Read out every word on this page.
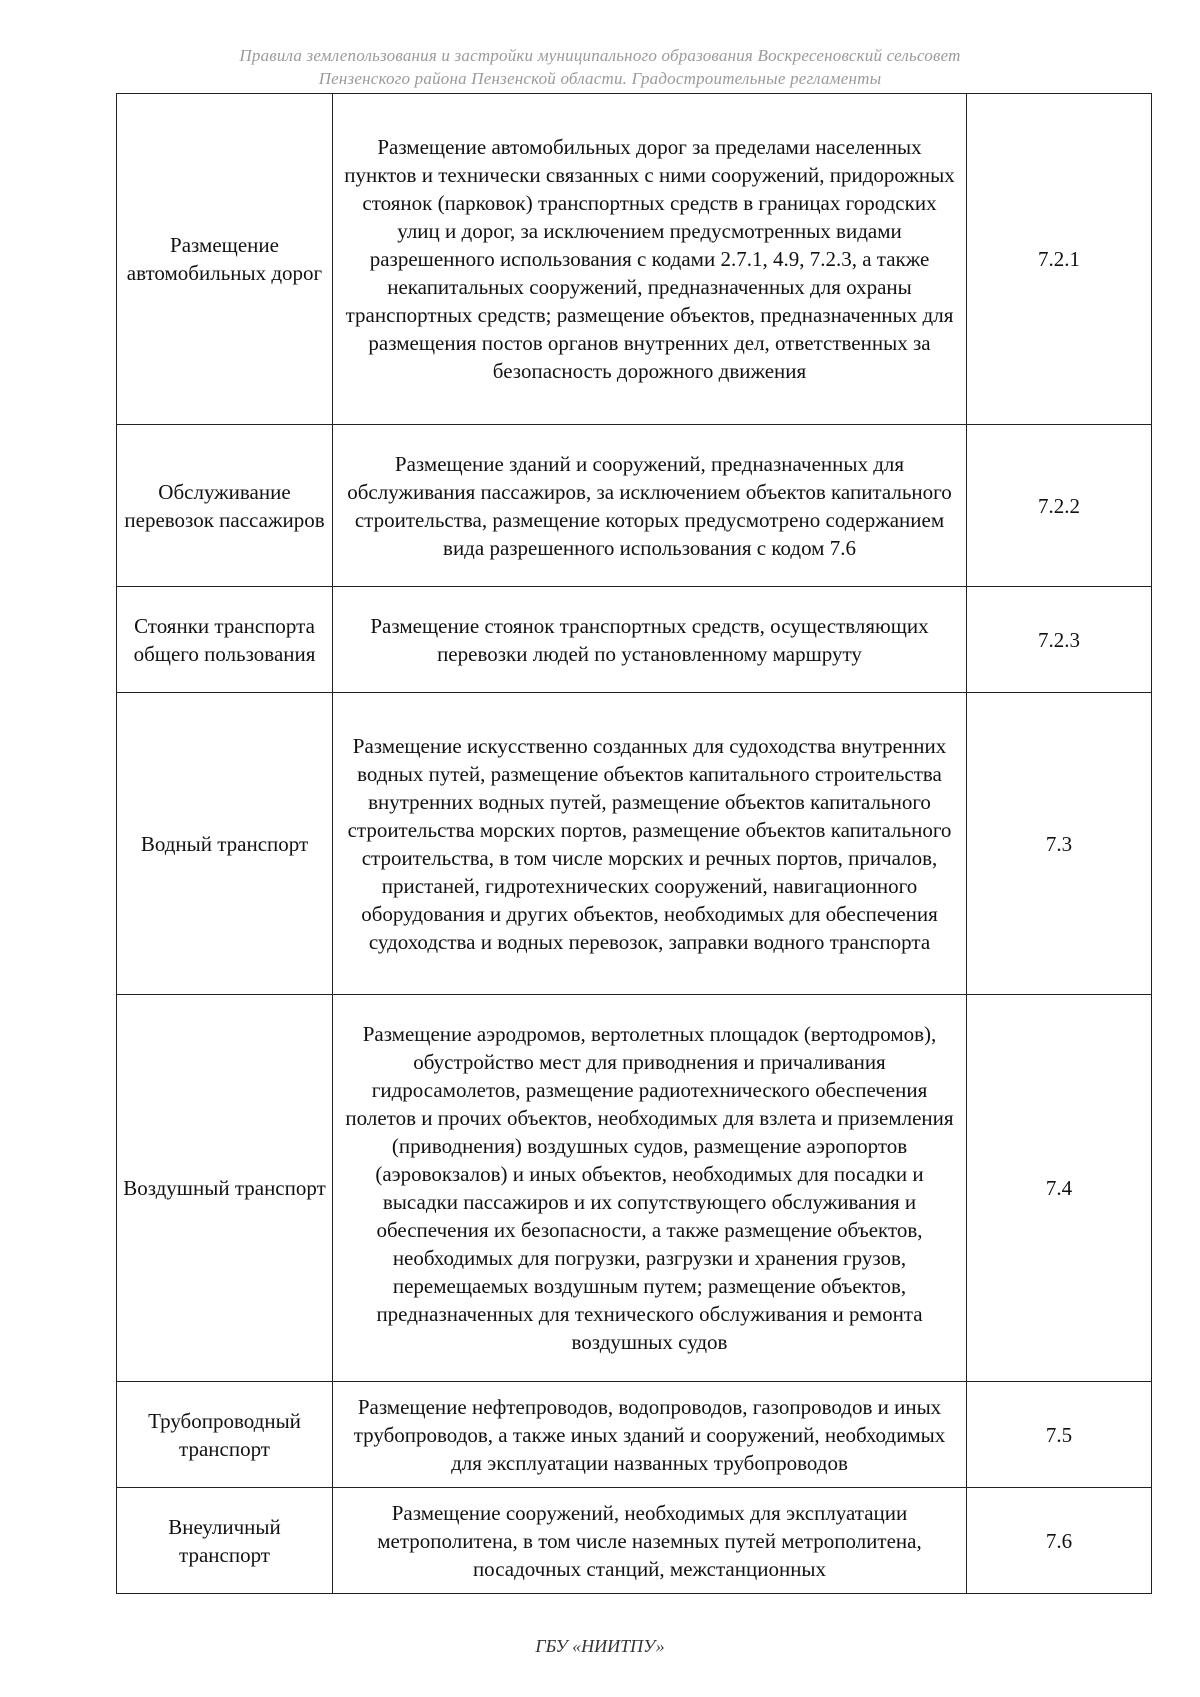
Правила землепользования и застройки муниципального образования Воскресеновский сельсовет
Пензенского района Пензенской области. Градостроительные регламенты
Размещение автомобильных дорог	Размещение автомобильных дорог за пределами населенных пунктов и технически связанных с ними сооружений, придорожных стоянок (парковок) транспортных средств в границах городских улиц и дорог, за исключением предусмотренных видами разрешенного использования с кодами 2.7.1, 4.9, 7.2.3, а также некапитальных сооружений, предназначенных для охраны транспортных средств; размещение объектов, предназначенных для размещения постов органов внутренних дел, ответственных за безопасность дорожного движения	7.2.1
Обслуживание перевозок пассажиров	Размещение зданий и сооружений, предназначенных для обслуживания пассажиров, за исключением объектов капитального строительства, размещение которых предусмотрено содержанием вида разрешенного использования с кодом 7.6	7.2.2
Стоянки транспорта общего пользования	Размещение стоянок транспортных средств, осуществляющих перевозки людей по установленному маршруту	7.2.3
Водный транспорт	Размещение искусственно созданных для судоходства внутренних водных путей, размещение объектов капитального строительства внутренних водных путей, размещение объектов капитального строительства морских портов, размещение объектов капитального строительства, в том числе морских и речных портов, причалов, пристаней, гидротехнических сооружений, навигационного оборудования и других объектов, необходимых для обеспечения судоходства и водных перевозок, заправки водного транспорта	7.3
Воздушный транспорт	Размещение аэродромов, вертолетных площадок (вертодромов), обустройство мест для приводнения и причаливания гидросамолетов, размещение радиотехнического обеспечения полетов и прочих объектов, необходимых для взлета и приземления (приводнения) воздушных судов, размещение аэропортов (аэровокзалов) и иных объектов, необходимых для посадки и высадки пассажиров и их сопутствующего обслуживания и обеспечения их безопасности, а также размещение объектов, необходимых для погрузки, разгрузки и хранения грузов, перемещаемых воздушным путем; размещение объектов, предназначенных для технического обслуживания и ремонта воздушных судов	7.4
Трубопроводный транспорт	Размещение нефтепроводов, водопроводов, газопроводов и иных трубопроводов, а также иных зданий и сооружений, необходимых для эксплуатации названных трубопроводов	7.5
Внеуличный транспорт	Размещение сооружений, необходимых для эксплуатации метрополитена, в том числе наземных путей метрополитена, посадочных станций, межстанционных	7.6
ГБУ «НИИТПУ»
